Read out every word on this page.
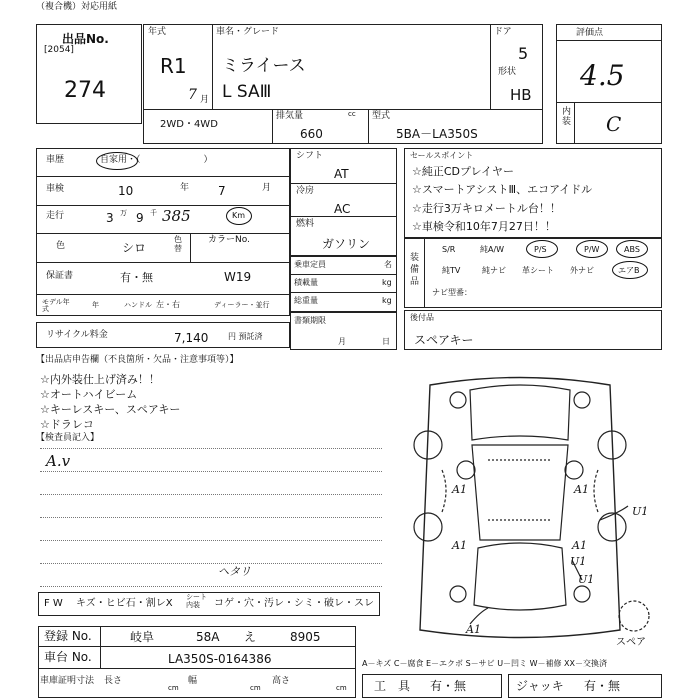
（複合機）対応用紙
出品No.
[2054]
274
年式
R1
7 月
車名・グレード
ミライース
L SAⅢ
ドア
5
形状
HB
2WD・4WD
排気量	cc
660
型式
5BA－LA350S
評価点
4.5
内装 C
車歴	自家用・（　　　　　　　）
車検	10	年 7	月
走行	3 万 9 千 385	Km
色	シロ
色替
カラーNo.
保証書	有・無	W19
モデル年式	年	ハンドル 左・右	ディーラー・並行
リサイクル料金	7,140 円 預託済
シフト
AT
冷房
AC
燃料
ガソリン
乗車定員	名
積載量	kg
総重量	kg
書類期限
月	日
セールスポイント
☆純正CDプレイヤー
☆スマートアシストⅢ、エコアイドル
☆走行3万キロメートル台！！
☆車検令和10年7月27日！！
装備品
S/R	純A/W	P/S	P/W	ABS
純TV	純ナビ 革シート 外ナビ	エアB
ナビ型番：
後付品
スペアキー
【出品店申告欄（不良箇所・欠品・注意事項等）】
☆内外装仕上げ済み！！
☆オートハイビーム
☆キーレスキー、スペアキー
☆ドラレコ
【検査員記入】
A.v
F W キズ・ヒビ石・割レX
シート内装	コゲ・穴・汚レ・シミ・破レ・スレ
ヘタリ
登録 No.	岐阜	58A え	8905
車台 No.	LA350S-0164386
車庫証明寸法 長さ
cm
幅
cm
高さ
cm
A－キズ C－腐食 E－エクボ S－サビ U－凹ミ W－補修 XX－交換済
工　具 有・無	ジャッキ 有・無
A1	A1
A1	A1
U1
U1
U1
A1
スペア
